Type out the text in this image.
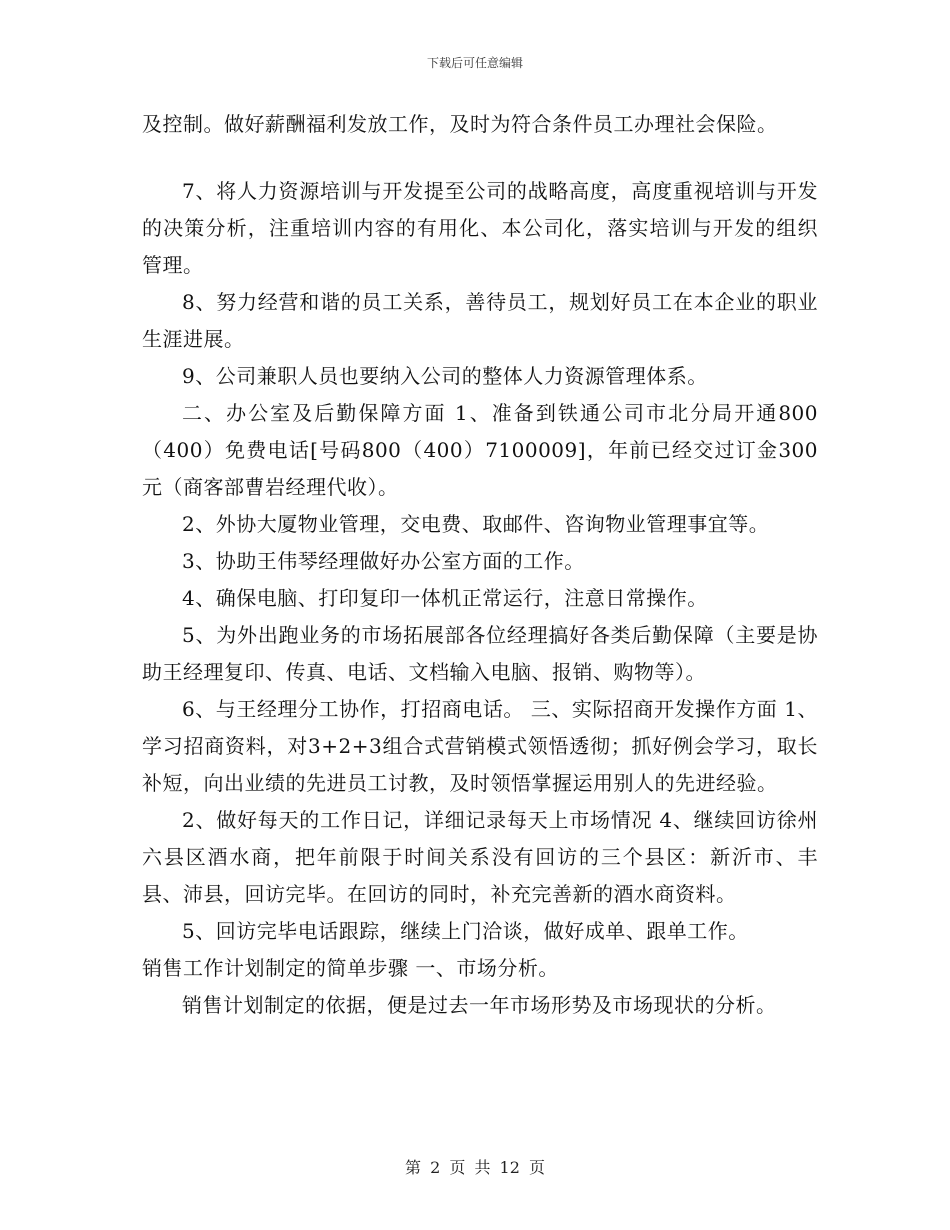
下载后可任意编辑

及控制。做好薪酬福利发放工作，及时为符合条件员工办理社会保险。

7、将人力资源培训与开发提至公司的战略高度，高度重视培训与开发的决策分析，注重培训内容的有用化、本公司化，落实培训与开发的组织管理。

8、努力经营和谐的员工关系，善待员工，规划好员工在本企业的职业生涯进展。

9、公司兼职人员也要纳入公司的整体人力资源管理体系。

二、办公室及后勤保障方面 1、准备到铁通公司市北分局开通800（400）免费电话[号码800（400）7100009]，年前已经交过订金300元（商客部曹岩经理代收）。

2、外协大厦物业管理，交电费、取邮件、咨询物业管理事宜等。

3、协助王伟琴经理做好办公室方面的工作。

4、确保电脑、打印复印一体机正常运行，注意日常操作。

5、为外出跑业务的市场拓展部各位经理搞好各类后勤保障（主要是协助王经理复印、传真、电话、文档输入电脑、报销、购物等）。

6、与王经理分工协作，打招商电话。 三、实际招商开发操作方面 1、学习招商资料，对3+2+3组合式营销模式领悟透彻；抓好例会学习，取长补短，向出业绩的先进员工讨教，及时领悟掌握运用别人的先进经验。

2、做好每天的工作日记，详细记录每天上市场情况 4、继续回访徐州六县区酒水商，把年前限于时间关系没有回访的三个县区：新沂市、丰县、沛县，回访完毕。在回访的同时，补充完善新的酒水商资料。

5、回访完毕电话跟踪，继续上门洽谈，做好成单、跟单工作。

销售工作计划制定的简单步骤 一、市场分析。

销售计划制定的依据，便是过去一年市场形势及市场现状的分析。

第 2 页 共 12 页
